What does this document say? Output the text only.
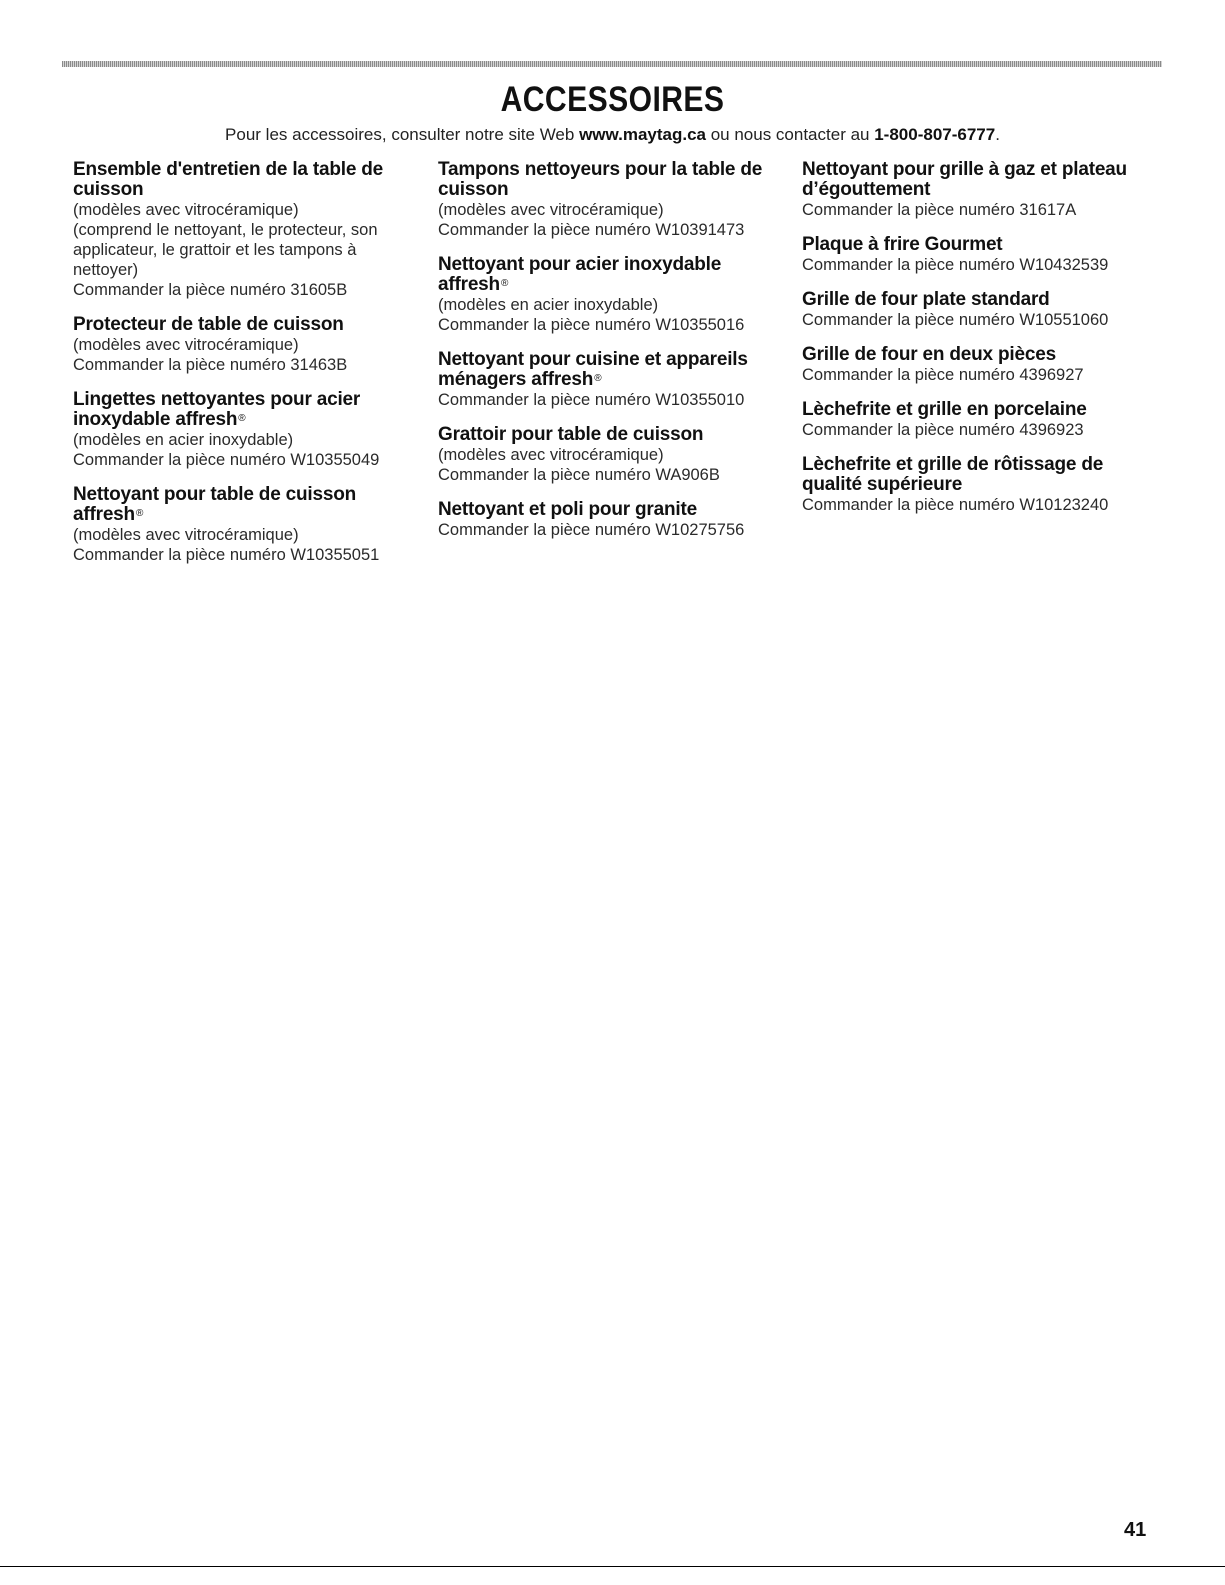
ACCESSOIRES
Pour les accessoires, consulter notre site Web www.maytag.ca ou nous contacter au 1-800-807-6777.
Ensemble d'entretien de la table de cuisson
(modèles avec vitrocéramique)
(comprend le nettoyant, le protecteur, son applicateur, le grattoir et les tampons à nettoyer)
Commander la pièce numéro 31605B
Protecteur de table de cuisson
(modèles avec vitrocéramique)
Commander la pièce numéro 31463B
Lingettes nettoyantes pour acier inoxydable affresh®
(modèles en acier inoxydable)
Commander la pièce numéro W10355049
Nettoyant pour table de cuisson affresh®
(modèles avec vitrocéramique)
Commander la pièce numéro W10355051
Tampons nettoyeurs pour la table de cuisson
(modèles avec vitrocéramique)
Commander la pièce numéro W10391473
Nettoyant pour acier inoxydable affresh®
(modèles en acier inoxydable)
Commander la pièce numéro W10355016
Nettoyant pour cuisine et appareils ménagers affresh®
Commander la pièce numéro W10355010
Grattoir pour table de cuisson
(modèles avec vitrocéramique)
Commander la pièce numéro WA906B
Nettoyant et poli pour granite
Commander la pièce numéro W10275756
Nettoyant pour grille à gaz et plateau d’égouttement
Commander la pièce numéro 31617A
Plaque à frire Gourmet
Commander la pièce numéro W10432539
Grille de four plate standard
Commander la pièce numéro W10551060
Grille de four en deux pièces
Commander la pièce numéro 4396927
Lèchefrite et grille en porcelaine
Commander la pièce numéro 4396923
Lèchefrite et grille de rôtissage de qualité supérieure
Commander la pièce numéro W10123240
41
